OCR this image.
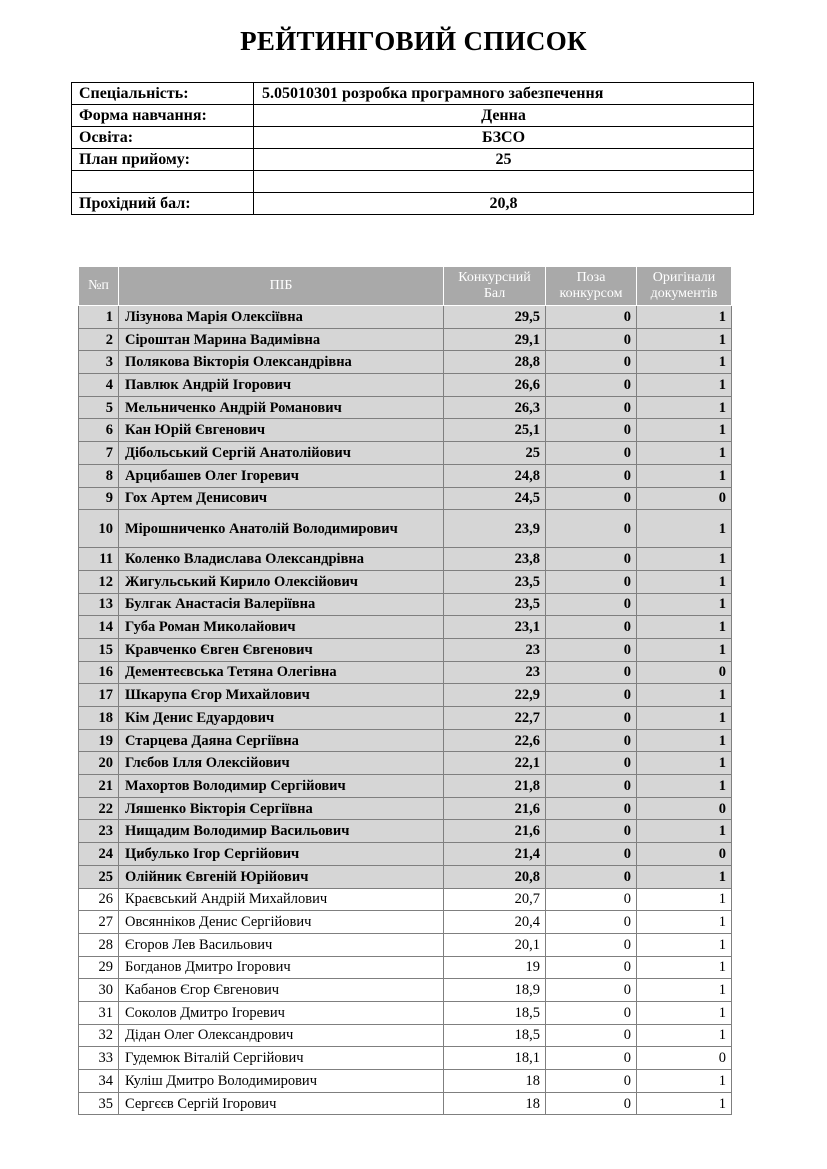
РЕЙТИНГОВИЙ СПИСОК
Спеціальність:	5.05010301 розробка програмного забезпечення
Форма навчання:	Денна
Освіта:	БЗСО
План прийому:	25

Прохідний бал:	20,8
№п	ПІБ	Конкурсний Бал	Поза конкурсом	Оригінали документів
1	Лізунова Марія Олексіївна	29,5	0	1
2	Сіроштан Марина Вадимівна	29,1	0	1
3	Полякова Вікторія Олександрівна	28,8	0	1
4	Павлюк Андрій Ігорович	26,6	0	1
5	Мельниченко Андрій Романович	26,3	0	1
6	Кан Юрій Євгенович	25,1	0	1
7	Дібольський Сергій Анатолійович	25	0	1
8	Арцибашев Олег Ігоревич	24,8	0	1
9	Гох Артем Денисович	24,5	0	0
10	Мірошниченко Анатолій Володимирович	23,9	0	1
11	Коленко Владислава Олександрівна	23,8	0	1
12	Жигульський Кирило Олексійович	23,5	0	1
13	Булгак Анастасія Валеріївна	23,5	0	1
14	Губа Роман Миколайович	23,1	0	1
15	Кравченко Євген Євгенович	23	0	1
16	Дементеєвська Тетяна Олегівна	23	0	0
17	Шкарупа Єгор Михайлович	22,9	0	1
18	Кім Денис Едуардович	22,7	0	1
19	Старцева Даяна Сергіївна	22,6	0	1
20	Глєбов Ілля Олексійович	22,1	0	1
21	Махортов Володимир Сергійович	21,8	0	1
22	Ляшенко Вікторія Сергіївна	21,6	0	0
23	Нищадим Володимир Васильович	21,6	0	1
24	Цибулько Ігор Сергійович	21,4	0	0
25	Олійник Євгеній Юрійович	20,8	0	1
26	Краєвський Андрій Михайлович	20,7	0	1
27	Овсянніков Денис Сергійович	20,4	0	1
28	Єгоров Лев Васильович	20,1	0	1
29	Богданов Дмитро Ігорович	19	0	1
30	Кабанов Єгор Євгенович	18,9	0	1
31	Соколов Дмитро Ігоревич	18,5	0	1
32	Дідан Олег Олександрович	18,5	0	1
33	Гудемюк Віталій Сергійович	18,1	0	0
34	Куліш Дмитро Володимирович	18	0	1
35	Сергєєв Сергій Ігорович	18	0	1
